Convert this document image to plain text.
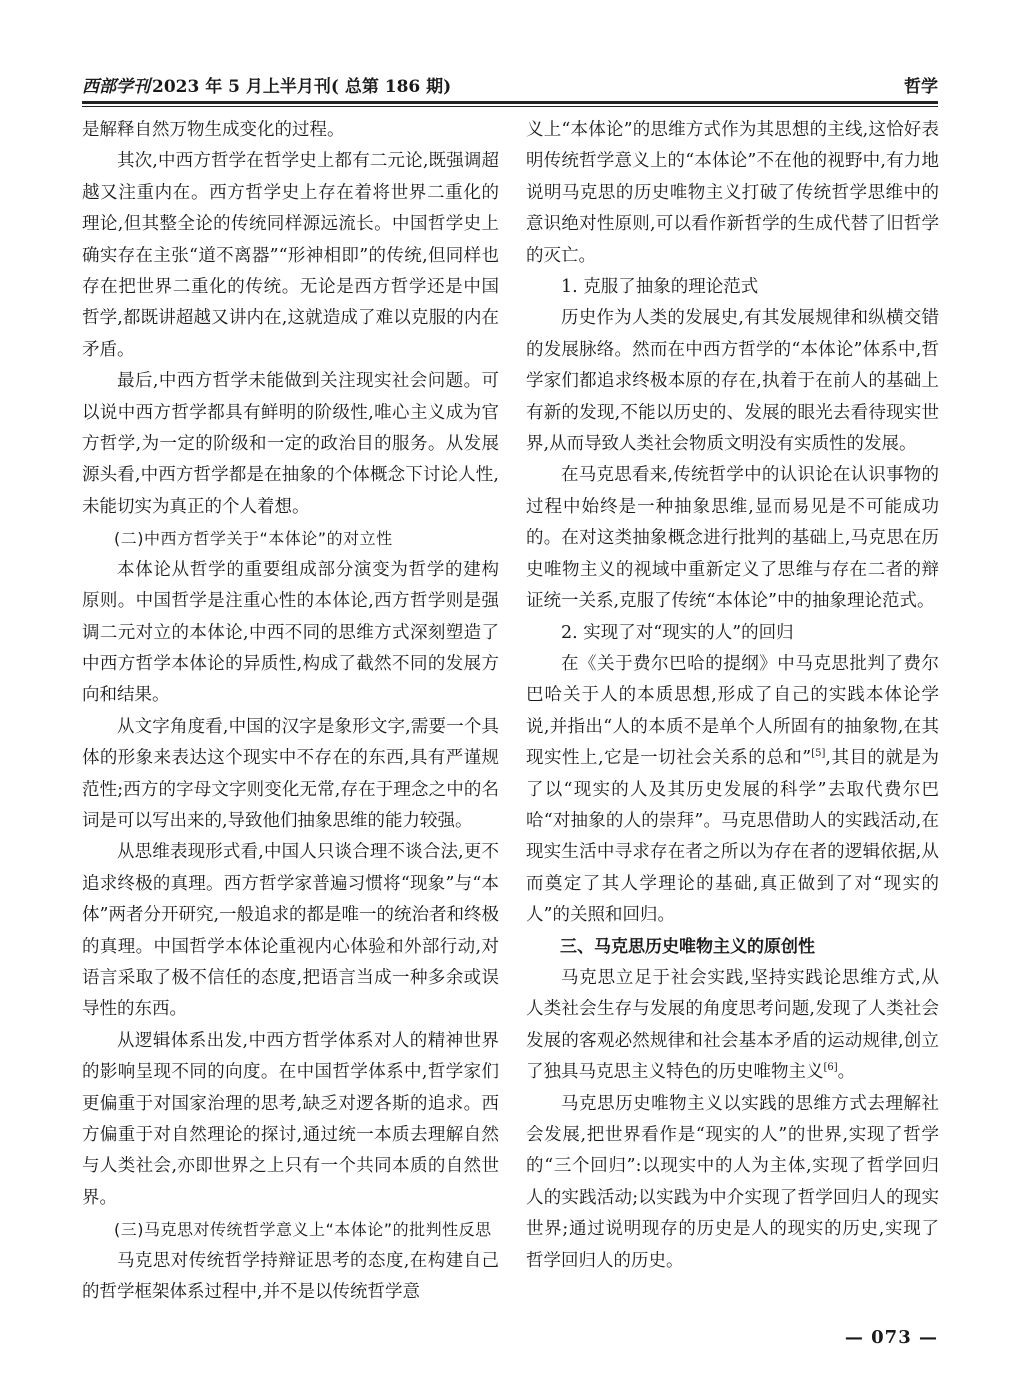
西部学刊 2023 年 5 月上半月刊( 总第 186 期)	哲学

是解释自然万物生成变化的过程。

其次,中西方哲学在哲学史上都有二元论,既强调超越又注重内在。西方哲学史上存在着将世界二重化的理论,但其整全论的传统同样源远流长。中国哲学史上确实存在主张“道不离器”“形神相即”的传统,但同样也存在把世界二重化的传统。无论是西方哲学还是中国哲学,都既讲超越又讲内在,这就造成了难以克服的内在矛盾。

最后,中西方哲学未能做到关注现实社会问题。可以说中西方哲学都具有鲜明的阶级性,唯心主义成为官方哲学,为一定的阶级和一定的政治目的服务。从发展源头看,中西方哲学都是在抽象的个体概念下讨论人性,未能切实为真正的个人着想。

(二)中西方哲学关于“本体论”的对立性

本体论从哲学的重要组成部分演变为哲学的建构原则。中国哲学是注重心性的本体论,西方哲学则是强调二元对立的本体论,中西不同的思维方式深刻塑造了中西方哲学本体论的异质性,构成了截然不同的发展方向和结果。

从文字角度看,中国的汉字是象形文字,需要一个具体的形象来表达这个现实中不存在的东西,具有严谨规范性;西方的字母文字则变化无常,存在于理念之中的名词是可以写出来的,导致他们抽象思维的能力较强。

从思维表现形式看,中国人只谈合理不谈合法,更不追求终极的真理。西方哲学家普遍习惯将“现象”与“本体”两者分开研究,一般追求的都是唯一的统治者和终极的真理。中国哲学本体论重视内心体验和外部行动,对语言采取了极不信任的态度,把语言当成一种多余或误导性的东西。

从逻辑体系出发,中西方哲学体系对人的精神世界的影响呈现不同的向度。在中国哲学体系中,哲学家们更偏重于对国家治理的思考,缺乏对逻各斯的追求。西方偏重于对自然理论的探讨,通过统一本质去理解自然与人类社会,亦即世界之上只有一个共同本质的自然世界。

(三)马克思对传统哲学意义上“本体论”的批判性反思

马克思对传统哲学持辩证思考的态度,在构建自己的哲学框架体系过程中,并不是以传统哲学意

义上“本体论”的思维方式作为其思想的主线,这恰好表明传统哲学意义上的“本体论”不在他的视野中,有力地说明马克思的历史唯物主义打破了传统哲学思维中的意识绝对性原则,可以看作新哲学的生成代替了旧哲学的灭亡。

1. 克服了抽象的理论范式

历史作为人类的发展史,有其发展规律和纵横交错的发展脉络。然而在中西方哲学的“本体论”体系中,哲学家们都追求终极本原的存在,执着于在前人的基础上有新的发现,不能以历史的、发展的眼光去看待现实世界,从而导致人类社会物质文明没有实质性的发展。

在马克思看来,传统哲学中的认识论在认识事物的过程中始终是一种抽象思维,显而易见是不可能成功的。在对这类抽象概念进行批判的基础上,马克思在历史唯物主义的视域中重新定义了思维与存在二者的辩证统一关系,克服了传统“本体论”中的抽象理论范式。

2. 实现了对“现实的人”的回归

在《关于费尔巴哈的提纲》中马克思批判了费尔巴哈关于人的本质思想,形成了自己的实践本体论学说,并指出“人的本质不是单个人所固有的抽象物,在其现实性上,它是一切社会关系的总和”[5],其目的就是为了以“现实的人及其历史发展的科学”去取代费尔巴哈“对抽象的人的崇拜”。马克思借助人的实践活动,在现实生活中寻求存在者之所以为存在者的逻辑依据,从而奠定了其人学理论的基础,真正做到了对“现实的人”的关照和回归。

三、马克思历史唯物主义的原创性

马克思立足于社会实践,坚持实践论思维方式,从人类社会生存与发展的角度思考问题,发现了人类社会发展的客观必然规律和社会基本矛盾的运动规律,创立了独具马克思主义特色的历史唯物主义[6]。

马克思历史唯物主义以实践的思维方式去理解社会发展,把世界看作是“现实的人”的世界,实现了哲学的“三个回归”:以现实中的人为主体,实现了哲学回归人的实践活动;以实践为中介实现了哲学回归人的现实世界;通过说明现存的历史是人的现实的历史,实现了哲学回归人的历史。

— 073 —
